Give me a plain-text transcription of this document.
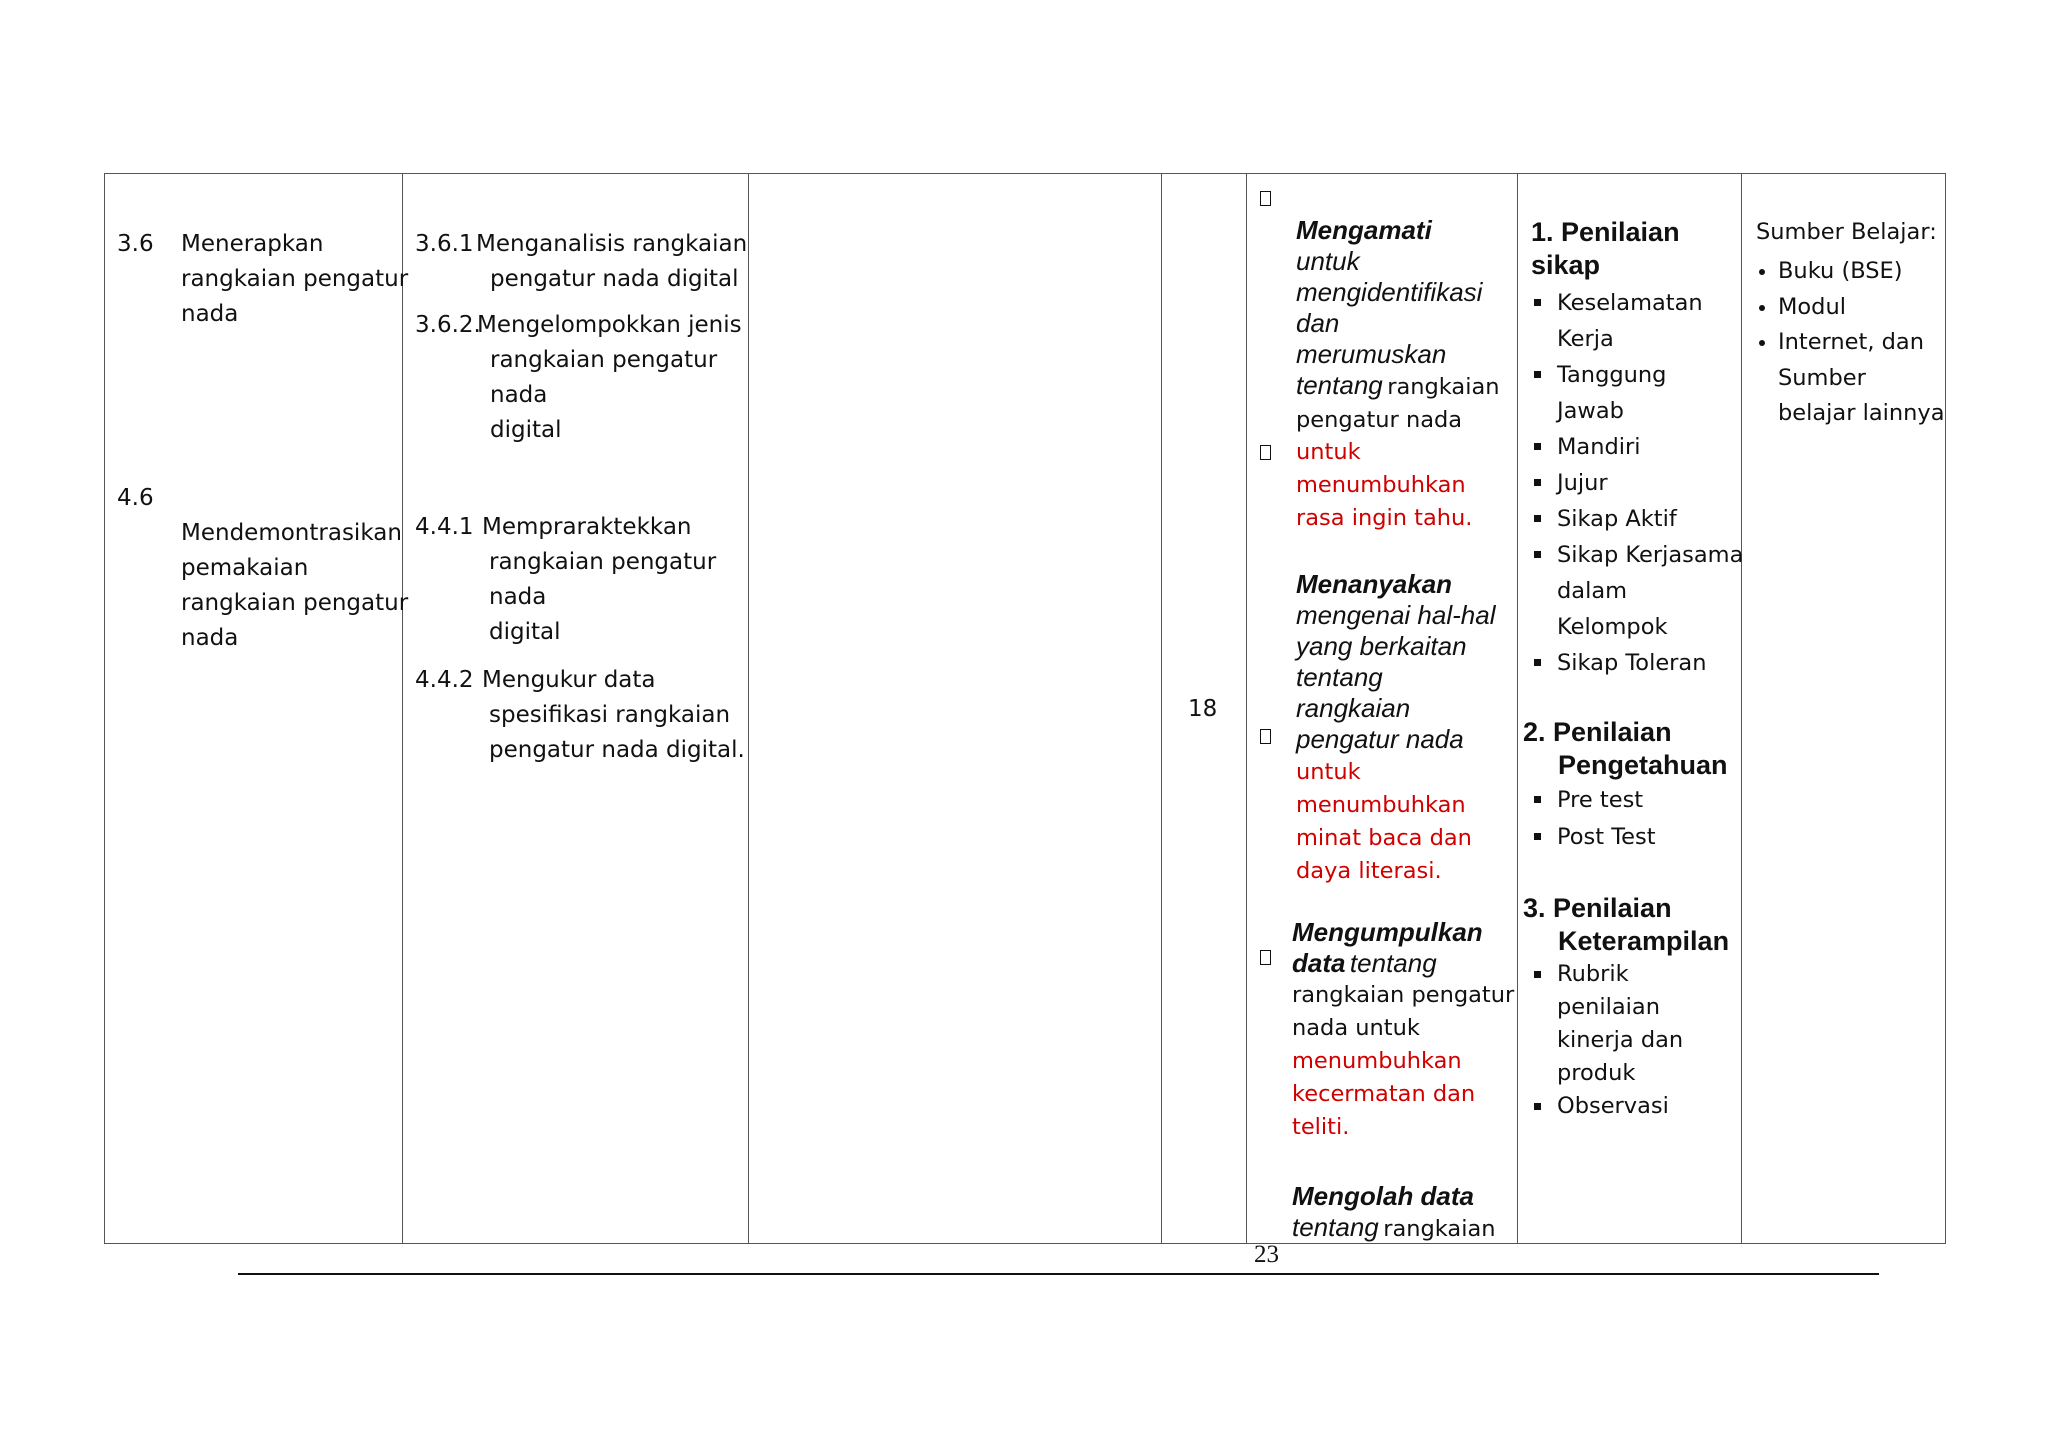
3.6 Menerapkan
rangkaian pengatur
nada
4.6
Mendemontrasikan
pemakaian
rangkaian pengatur
nada
3.6.1 Menganalisis rangkaian
pengatur nada digital
3.6.2.
Mengelompokkan jenis
rangkaian pengatur
nada
digital
4.4.1 Mempraraktekkan
rangkaian pengatur
nada
digital
4.4.2 Mengukur data
spesifikasi rangkaian
pengatur nada digital.
18
Mengamati
untuk
mengidentifikasi
dan
merumuskan
tentang rangkaian
pengatur nada
untuk
menumbuhkan
rasa ingin tahu.
Menanyakan
mengenai hal-hal
yang berkaitan
tentang
rangkaian
pengatur nada
untuk
menumbuhkan
minat baca dan
daya literasi.
Mengumpulkan
data tentang
rangkaian pengatur
nada untuk
menumbuhkan
kecermatan dan
teliti.
Mengolah data
tentang rangkaian
1. Penilaian
sikap
Keselamatan
Kerja
Tanggung
Jawab
Mandiri
Jujur
Sikap Aktif
Sikap Kerjasama
dalam
Kelompok
Sikap Toleran
2. Penilaian
Pengetahuan
Pre test
Post Test
3. Penilaian
Keterampilan
Rubrik
penilaian
kinerja dan
produk
Observasi
Sumber Belajar:
Buku (BSE)
Modul
Internet, dan
Sumber
belajar lainnya
23
